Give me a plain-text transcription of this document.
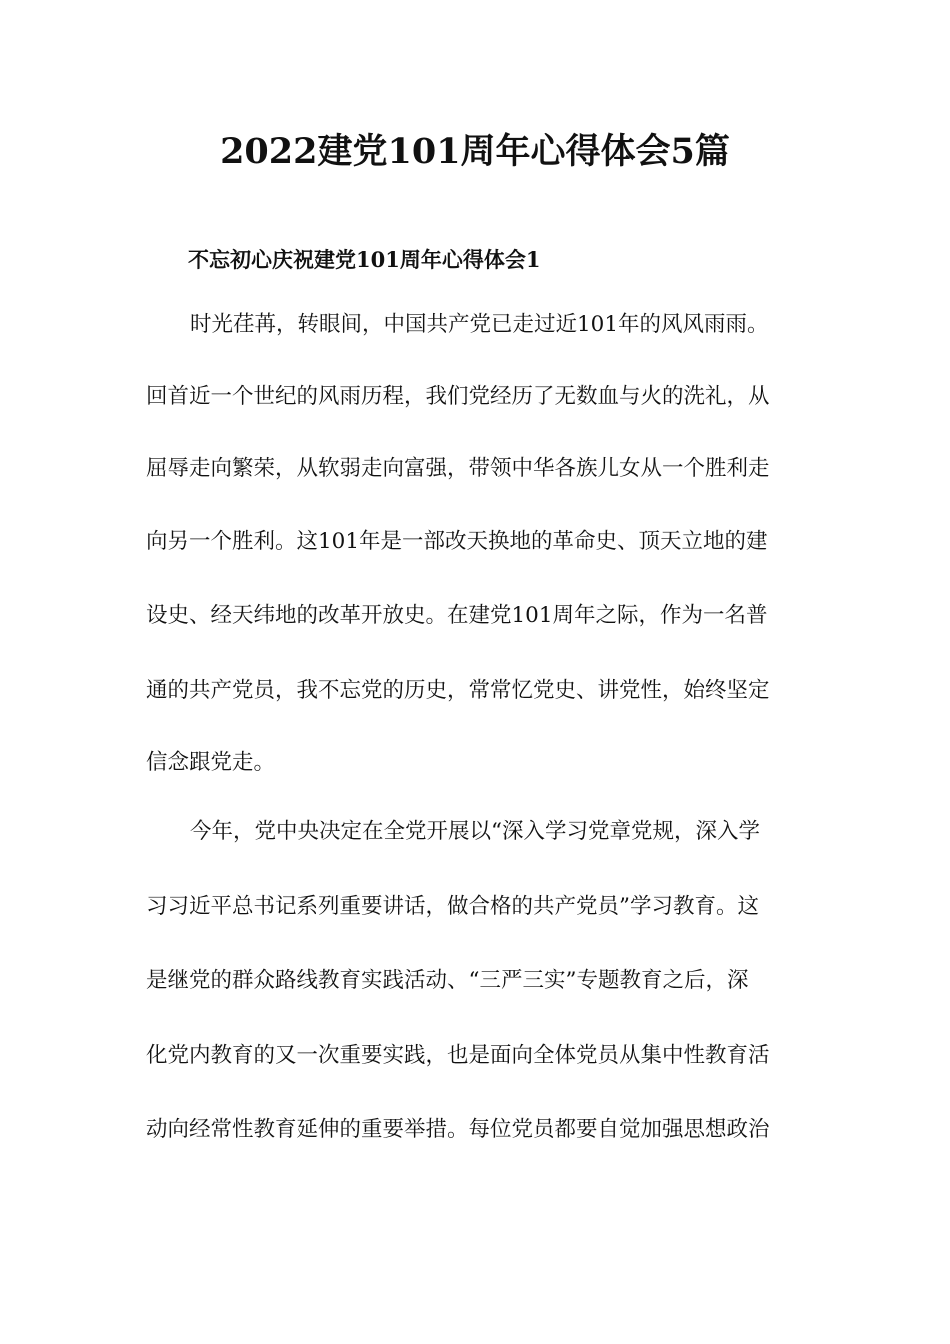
2022建党101周年心得体会5篇
不忘初心庆祝建党101周年心得体会1
时光荏苒，转眼间，中国共产党已走过近101年的风风雨雨。
回首近一个世纪的风雨历程，我们党经历了无数血与火的洗礼，从
屈辱走向繁荣，从软弱走向富强，带领中华各族儿女从一个胜利走
向另一个胜利。这101年是一部改天换地的革命史、顶天立地的建
设史、经天纬地的改革开放史。在建党101周年之际，作为一名普
通的共产党员，我不忘党的历史，常常忆党史、讲党性，始终坚定
信念跟党走。
今年，党中央决定在全党开展以“深入学习党章党规，深入学
习习近平总书记系列重要讲话，做合格的共产党员”学习教育。这
是继党的群众路线教育实践活动、“三严三实”专题教育之后，深
化党内教育的又一次重要实践，也是面向全体党员从集中性教育活
动向经常性教育延伸的重要举措。每位党员都要自觉加强思想政治
